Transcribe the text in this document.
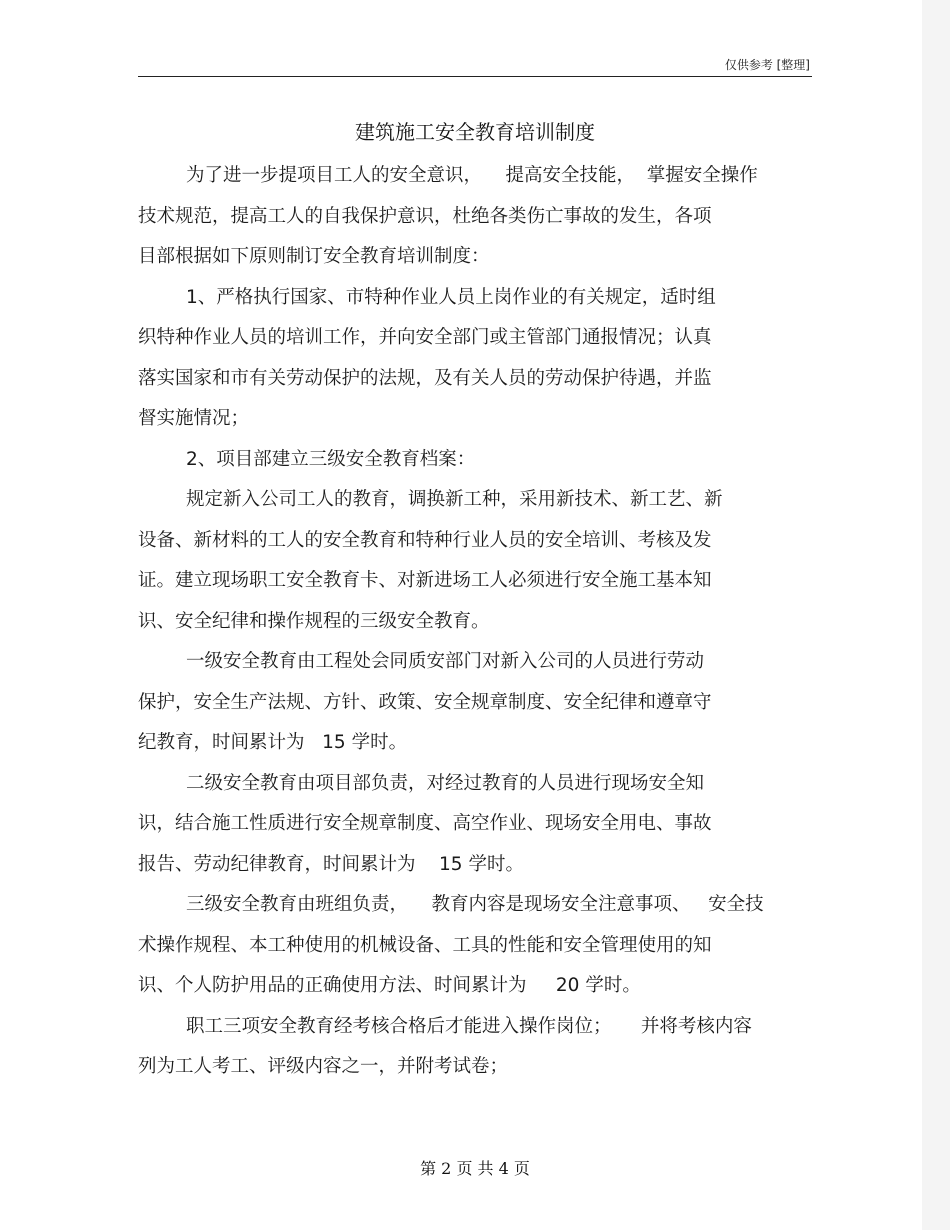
仅供参考 [整理]
建筑施工安全教育培训制度
为了进一步提项目工人的安全意识，    提高安全技能，  掌握安全操作
技术规范，提高工人的自我保护意识，杜绝各类伤亡事故的发生，各项
目部根据如下原则制订安全教育培训制度：
1、严格执行国家、市特种作业人员上岗作业的有关规定，适时组
织特种作业人员的培训工作，并向安全部门或主管部门通报情况；认真
落实国家和市有关劳动保护的法规，及有关人员的劳动保护待遇，并监
督实施情况；
2、项目部建立三级安全教育档案：
规定新入公司工人的教育，调换新工种，采用新技术、新工艺、新
设备、新材料的工人的安全教育和特种行业人员的安全培训、考核及发
证。建立现场职工安全教育卡、对新进场工人必须进行安全施工基本知
识、安全纪律和操作规程的三级安全教育。
一级安全教育由工程处会同质安部门对新入公司的人员进行劳动
保护，安全生产法规、方针、政策、安全规章制度、安全纪律和遵章守
纪教育，时间累计为   15 学时。
二级安全教育由项目部负责，对经过教育的人员进行现场安全知
识，结合施工性质进行安全规章制度、高空作业、现场安全用电、事故
报告、劳动纪律教育，时间累计为    15 学时。
三级安全教育由班组负责，    教育内容是现场安全注意事项、   安全技
术操作规程、本工种使用的机械设备、工具的性能和安全管理使用的知
识、个人防护用品的正确使用方法、时间累计为     20 学时。
职工三项安全教育经考核合格后才能进入操作岗位；     并将考核内容
列为工人考工、评级内容之一，并附考试卷；
第 2 页 共 4 页
